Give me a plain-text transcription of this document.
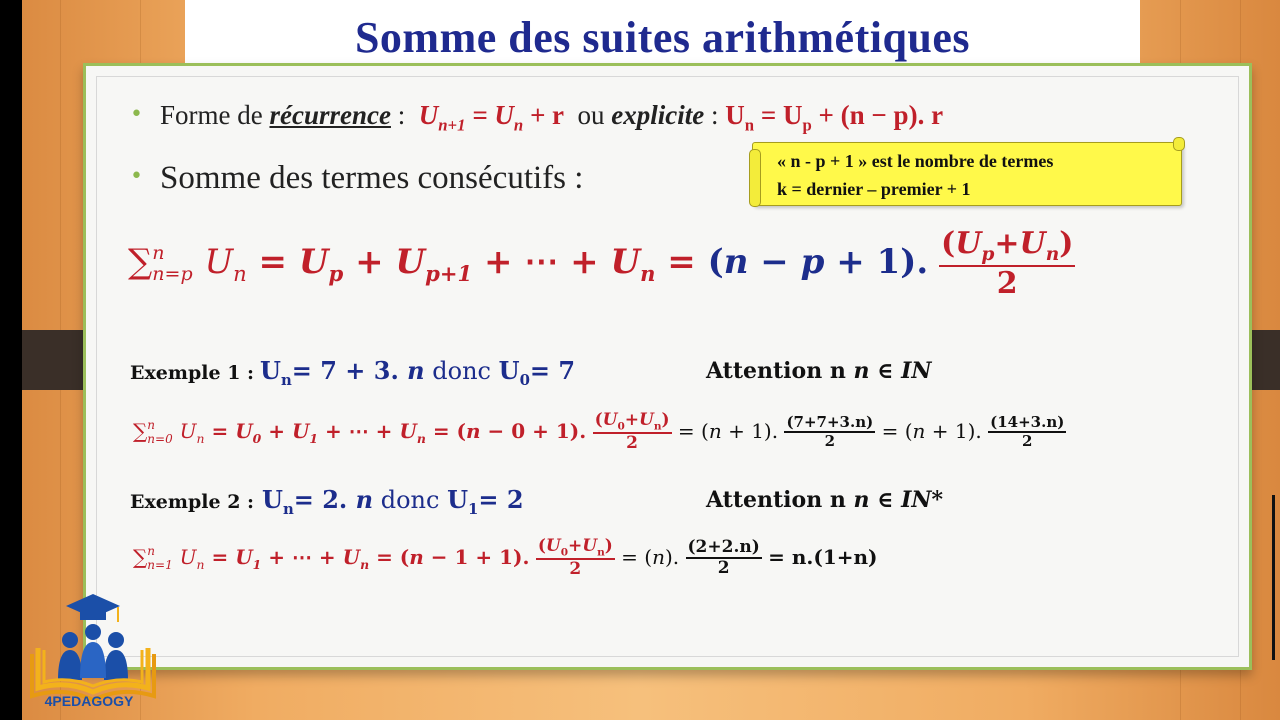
Somme des suites arithmétiques
• Forme de récurrence :  $U_{n+1} = U_n + r$ ou explicite : $U_n = U_p + (n - p)$. r
• Somme des termes consécutifs :	« n - p + 1 » est le nombre de termes
k = dernier – premier + 1
∑ n
n=p $U_n = U_p + U_{p+1}$ + ⋯ + $U_n = (n - p + 1)$. $\frac{(U_p+U_n)}{2}$
Exemple 1 : $U_n= 7 + 3$. n donc $U_0= 7$	Attention n n ∈ IN
∑ n
n=0 $U_n = U_0 + U_1$ + ⋯ + $U_n = (n - 0 + 1)$. $\frac{(U_0+U_n)}{2} = (n + 1)$. $\frac{(7+7+3.n)}{2} = (n + 1)$. $\frac{(14+3.n)}{2}$
Exemple 2 : $U_n= 2$. n donc $U_1= 2$	Attention n n ∈ IN*
∑ n
n=1 $U_n = U_1$ + ⋯ + $U_n = (n - 1 + 1)$. $\frac{(U_0+U_n)}{2} = (n)$. $\frac{(2+2.n)}{2} = n.(1+n)$
4PEDAGOGY
